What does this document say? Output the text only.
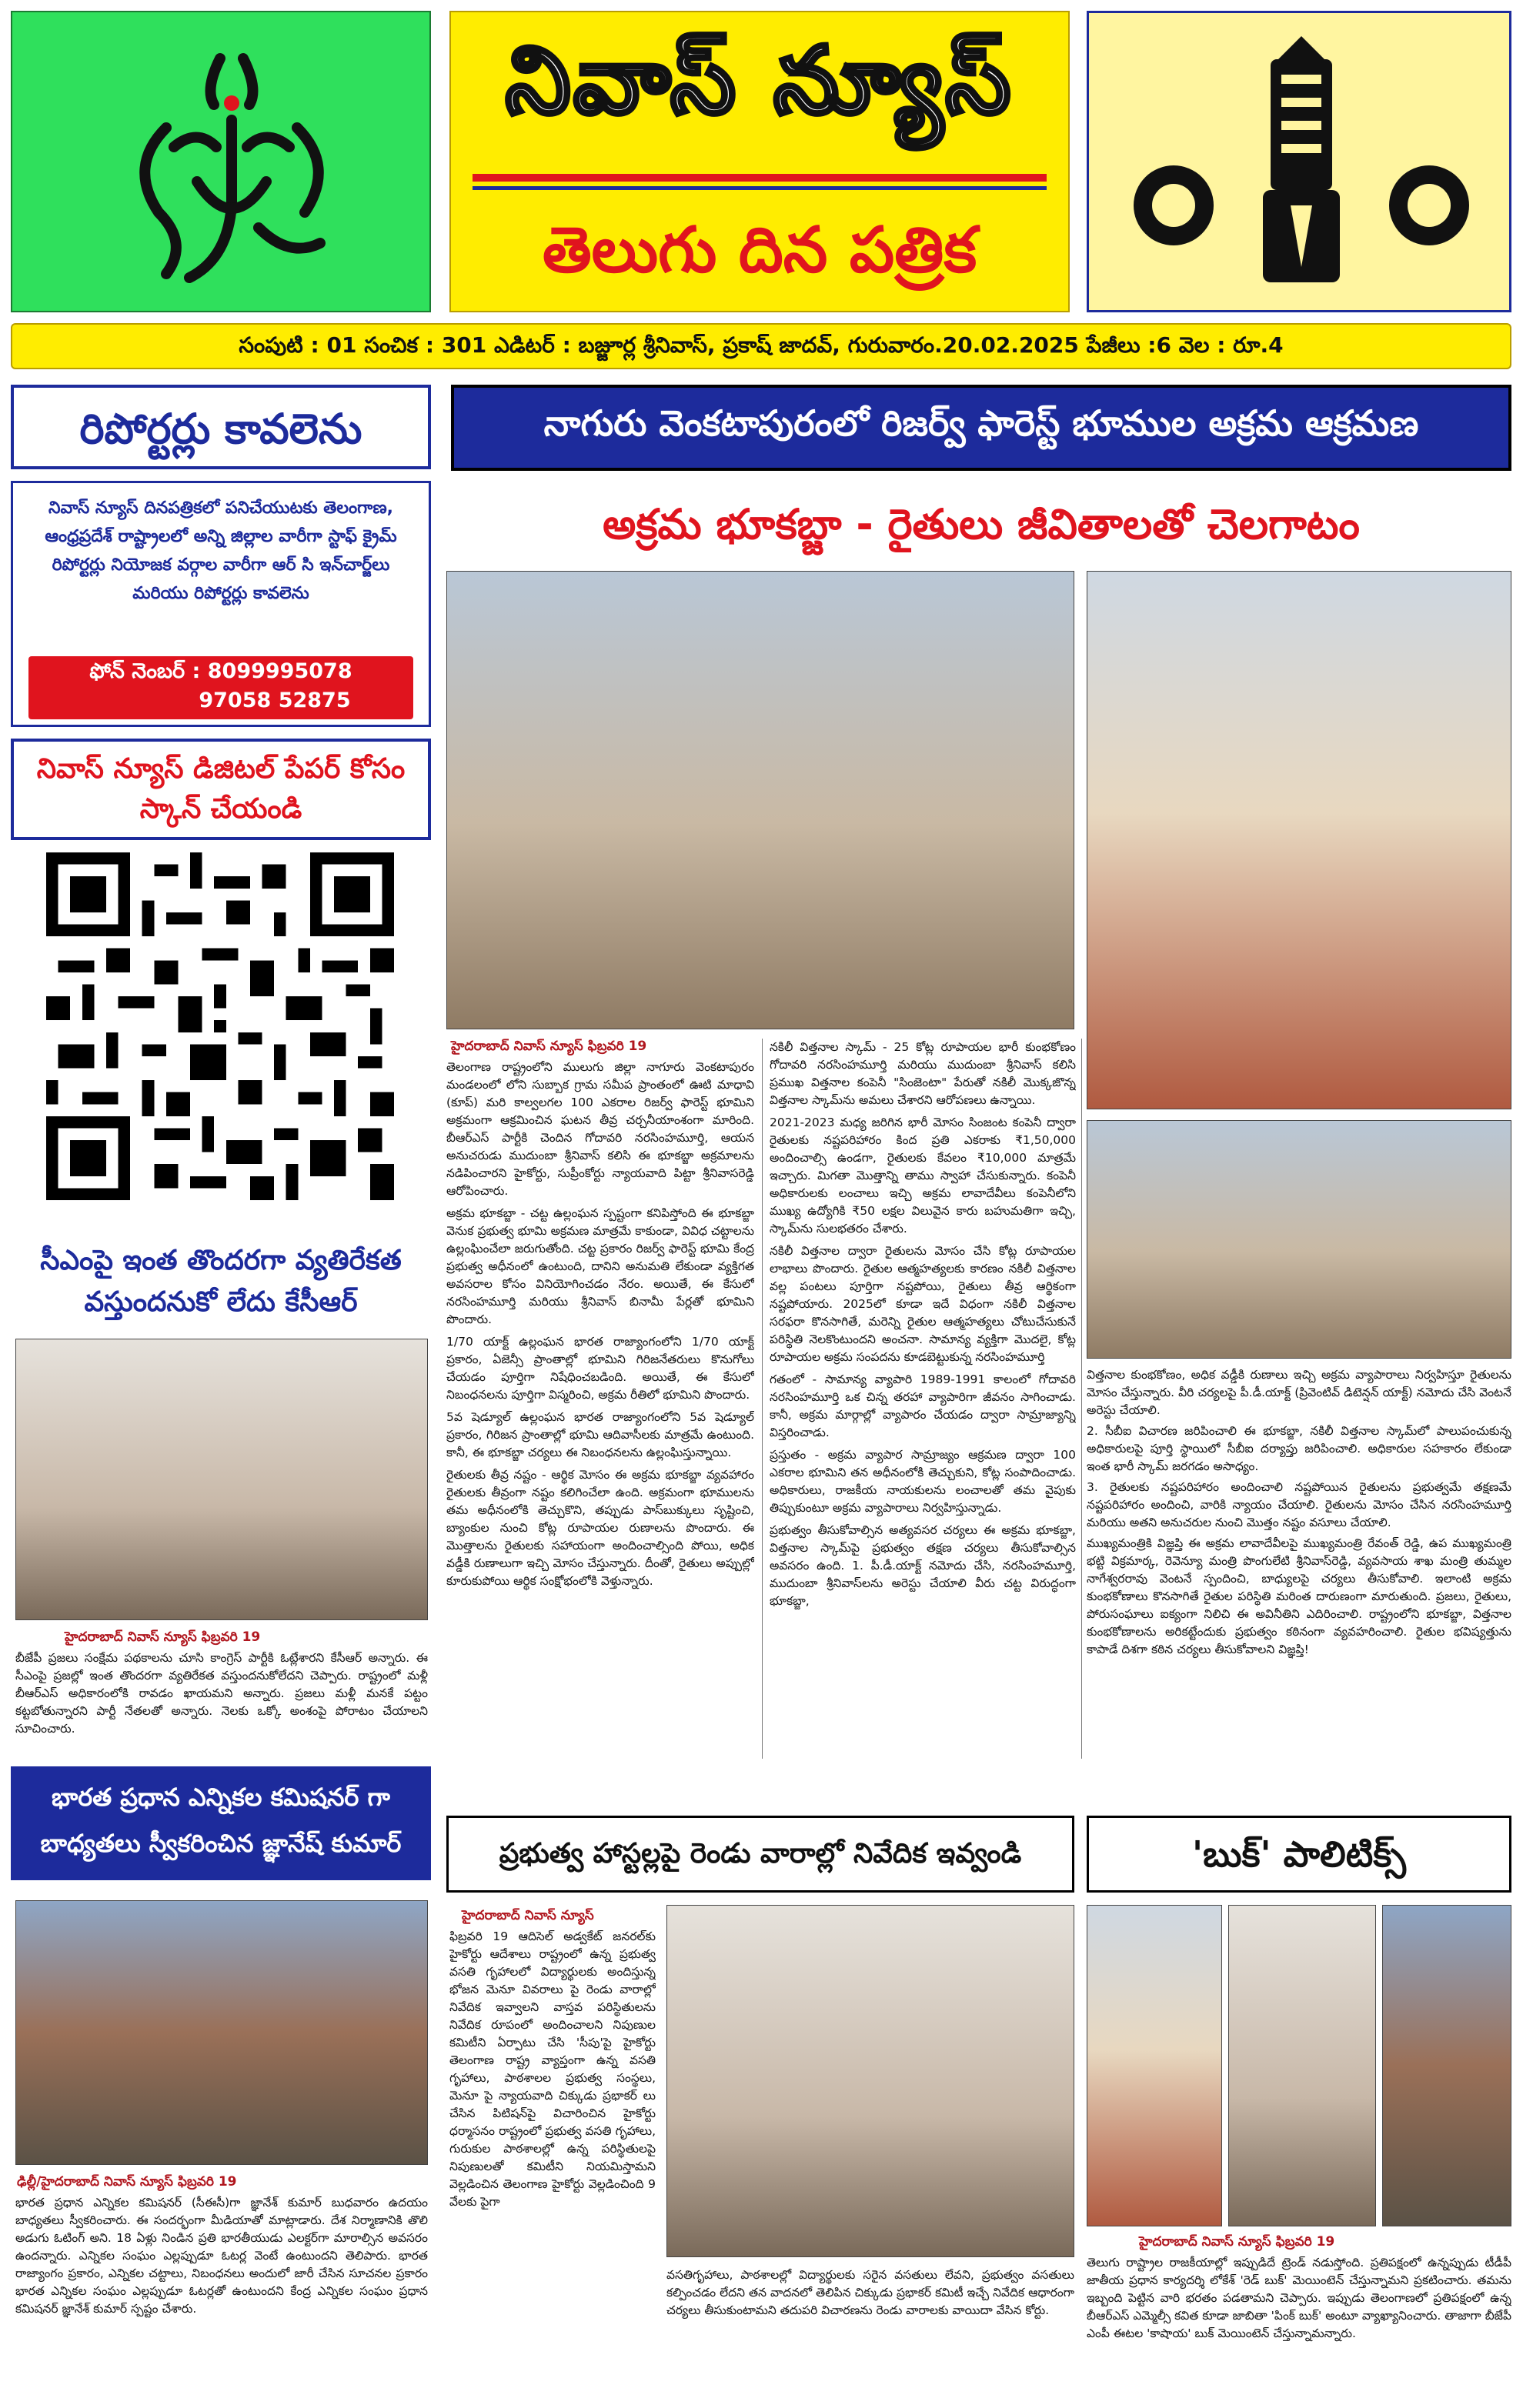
నివాస్ న్యూస్
తెలుగు దిన పత్రిక
సంపుటి : 01 సంచిక : 301 ఎడిటర్ : బజ్జూర్ల శ్రీనివాస్, ప్రకాష్ జాదవ్, గురువారం.20.02.2025 పేజీలు :6 వెల : రూ.4
రిపోర్టర్లు కావలెను
నివాస్ న్యూస్ దినపత్రికలో పనిచేయుటకు తెలంగాణ, ఆంధ్రప్రదేశ్ రాష్ట్రాలలో అన్ని జిల్లాల వారీగా స్టాఫ్ క్రైమ్ రిపోర్టర్లు నియోజక వర్గాల వారీగా ఆర్ సి ఇన్‌చార్జ్‌లు మరియు రిపోర్టర్లు కావలెను
ఫోన్ నెంబర్ : 8099995078
97058 52875
నివాస్ న్యూస్ డిజిటల్ పేపర్ కోసం స్కాన్ చేయండి
సీఎంపై ఇంత తొందరగా వ్యతిరేకత వస్తుందనుకో లేదు కేసీఆర్
హైదరాబాద్ నివాస్ న్యూస్ ఫిబ్రవరి 19
బీజేపీ ప్రజలు సంక్షేమ పథకాలను చూసి కాంగ్రెస్ పార్టీకి ఓట్లేశారని కేసీఆర్ అన్నారు. ఈ సీఎంపై ప్రజల్లో ఇంత తొందరగా వ్యతిరేకత వస్తుందనుకోలేదని చెప్పారు. రాష్ట్రంలో మళ్లీ బీఆర్ఎస్ అధికారంలోకి రావడం ఖాయమని అన్నారు. ప్రజలు మళ్లీ మనకే పట్టం కట్టబోతున్నారని పార్టీ నేతలతో అన్నారు. నెలకు ఒక్కో అంశంపై పోరాటం చేయాలని సూచించారు.
భారత ప్రధాన ఎన్నికల కమిషనర్ గా బాధ్యతలు స్వీకరించిన జ్ఞానేష్ కుమార్
ఢిల్లీ/హైదరాబాద్ నివాస్ న్యూస్ ఫిబ్రవరి 19
భారత ప్రధాన ఎన్నికల కమిషనర్ (సీఈసీ)గా జ్ఞానేశ్ కుమార్ బుధవారం ఉదయం బాధ్యతలు స్వీకరించారు. ఈ సందర్భంగా మీడియాతో మాట్లాడారు. దేశ నిర్మాణానికి తొలి అడుగు ఓటింగ్ అని. 18 ఏళ్లు నిండిన ప్రతి భారతీయుడు ఎలక్టర్‌గా మారాల్సిన అవసరం ఉందన్నారు. ఎన్నికల సంఘం ఎల్లప్పుడూ ఓటర్ల వెంటే ఉంటుందని తెలిపారు. భారత రాజ్యాంగం ప్రకారం, ఎన్నికల చట్టాలు, నిబంధనలు అందులో జారీ చేసిన సూచనల ప్రకారం భారత ఎన్నికల సంఘం ఎల్లప్పుడూ ఓటర్లతో ఉంటుందని కేంద్ర ఎన్నికల సంఘం ప్రధాన కమిషనర్ జ్ఞానేశ్ కుమార్ స్పష్టం చేశారు.
నాగురు వెంకటాపురంలో రిజర్వ్ ఫారెస్ట్ భూముల అక్రమ ఆక్రమణ
అక్రమ భూకబ్జా - రైతులు జీవితాలతో చెలగాటం
హైదరాబాద్ నివాస్ న్యూస్ ఫిబ్రవరి 19

తెలంగాణ రాష్ట్రంలోని ములుగు జిల్లా నాగూరు వెంకటాపురం మండలంలో లోని సుబ్బాక గ్రామ సమీప ప్రాంతంలో ఊటి మాధావి (కూప్) మరి కాల్వలగల 100 ఎకరాల రిజర్వ్ ఫారెస్ట్ భూమిని అక్రమంగా ఆక్రమించిన ఘటన తీవ్ర చర్చనీయాంశంగా మారింది. బీఆర్ఎస్ పార్టీకి చెందిన గోదావరి నరసింహమూర్తి, ఆయన అనుచరుడు ముదుంబా శ్రీనివాస్ కలిసి ఈ భూకబ్జా అక్రమాలను నడిపించారని హైకోర్టు, సుప్రీంకోర్టు న్యాయవాది పిట్టా శ్రీనివాసరెడ్డి ఆరోపించారు.

అక్రమ భూకబ్జా - చట్ట ఉల్లంఘన స్పష్టంగా కనిపిస్తోంది ఈ భూకబ్జా వెనుక ప్రభుత్వ భూమి అక్రమణ మాత్రమే కాకుండా, వివిధ చట్టాలను ఉల్లంఘించేలా జరుగుతోంది. చట్ట ప్రకారం రిజర్వ్ ఫారెస్ట్ భూమి కేంద్ర ప్రభుత్వ అధీనంలో ఉంటుంది, దానిని అనుమతి లేకుండా వ్యక్తిగత అవసరాల కోసం వినియోగించడం నేరం. అయితే, ఈ కేసులో నరసింహమూర్తి మరియు శ్రీనివాస్ బినామీ పేర్లతో భూమిని పొందారు.

1/70 యాక్ట్ ఉల్లంఘన భారత రాజ్యాంగంలోని 1/70 యాక్ట్ ప్రకారం, ఏజెన్సీ ప్రాంతాల్లో భూమిని గిరిజనేతరులు కొనుగోలు చేయడం పూర్తిగా నిషేధించబడింది. అయితే, ఈ కేసులో నిబంధనలను పూర్తిగా విస్మరించి, అక్రమ రీతిలో భూమిని పొందారు.

5వ షెడ్యూల్ ఉల్లంఘన భారత రాజ్యాంగంలోని 5వ షెడ్యూల్ ప్రకారం, గిరిజన ప్రాంతాల్లో భూమి ఆదివాసీలకు మాత్రమే ఉంటుంది. కానీ, ఈ భూకబ్జా చర్యలు ఈ నిబంధనలను ఉల్లంఘిస్తున్నాయి.

రైతులకు తీవ్ర నష్టం - ఆర్థిక మోసం ఈ అక్రమ భూకబ్జా వ్యవహారం రైతులకు తీవ్రంగా నష్టం కలిగించేలా ఉంది. అక్రమంగా భూములను తమ అధీనంలోకి తెచ్చుకొని, తప్పుడు పాస్‌బుక్కులు సృష్టించి, బ్యాంకుల నుంచి కోట్ల రూపాయల రుణాలను పొందారు. ఈ మొత్తాలను రైతులకు సహాయంగా అందించాల్సింది పోయి, అధిక వడ్డీకి రుణాలుగా ఇచ్చి మోసం చేస్తున్నారు. దీంతో, రైతులు అప్పుల్లో కూరుకుపోయి ఆర్థిక సంక్షోభంలోకి వెళ్తున్నారు.

నకిలీ విత్తనాల స్కామ్ - 25 కోట్ల రూపాయల భారీ కుంభకోణం గోదావరి నరసింహమూర్తి మరియు ముదుంబా శ్రీనివాస్ కలిసి ప్రముఖ విత్తనాల కంపెనీ "సింజెంటా" పేరుతో నకిలీ మొక్కజొన్న విత్తనాల స్కామ్‌ను అమలు చేశారని ఆరోపణలు ఉన్నాయి.

2021-2023 మధ్య జరిగిన భారీ మోసం సింజంట కంపెనీ ద్వారా రైతులకు నష్టపరిహారం కింద ప్రతి ఎకరాకు ₹1,50,000 అందించాల్సి ఉండగా, రైతులకు కేవలం ₹10,000 మాత్రమే ఇచ్చారు. మిగతా మొత్తాన్ని తాము స్వాహా చేసుకున్నారు. కంపెనీ అధికారులకు లంచాలు ఇచ్చి అక్రమ లావాదేవీలు కంపెనీలోని ముఖ్య ఉద్యోగికి ₹50 లక్షల విలువైన కారు బహుమతిగా ఇచ్చి, స్కామ్‌ను సులభతరం చేశారు.

నకిలీ విత్తనాల ద్వారా రైతులను మోసం చేసి కోట్ల రూపాయల లాభాలు పొందారు. రైతుల ఆత్మహత్యలకు కారణం నకిలీ విత్తనాల వల్ల పంటలు పూర్తిగా నష్టపోయి, రైతులు తీవ్ర ఆర్థికంగా నష్టపోయారు. 2025లో కూడా ఇదే విధంగా నకిలీ విత్తనాల సరఫరా కొనసాగితే, మరెన్ని రైతుల ఆత్మహత్యలు చోటుచేసుకునే పరిస్థితి నెలకొంటుందని అంచనా. సామాన్య వ్యక్తిగా మొదలై, కోట్ల రూపాయల అక్రమ సంపదను కూడబెట్టుకున్న నరసింహమూర్తి

గతంలో - సామాన్య వ్యాపారి 1989-1991 కాలంలో గోదావరి నరసింహమూర్తి ఒక చిన్న తరహా వ్యాపారిగా జీవనం సాగించాడు. కానీ, అక్రమ మార్గాల్లో వ్యాపారం చేయడం ద్వారా సామ్రాజ్యాన్ని విస్తరించాడు.

ప్రస్తుతం - అక్రమ వ్యాపార సామ్రాజ్యం ఆక్రమణ ద్వారా 100 ఎకరాల భూమిని తన అధీనంలోకి తెచ్చుకుని, కోట్ల సంపాదించాడు. అధికారులు, రాజకీయ నాయకులను లంచాలతో తమ వైపుకు తిప్పుకుంటూ అక్రమ వ్యాపారాలు నిర్వహిస్తున్నాడు.

ప్రభుత్వం తీసుకోవాల్సిన అత్యవసర చర్యలు ఈ అక్రమ భూకబ్జా, విత్తనాల స్కామ్‌పై ప్రభుత్వం తక్షణ చర్యలు తీసుకోవాల్సిన అవసరం ఉంది. 1. పీ.డీ.యాక్ట్ నమోదు చేసి, నరసింహమూర్తి, ముదుంబా శ్రీనివాస్‌లను అరెస్టు చేయాలి వీరు చట్ట విరుద్ధంగా భూకబ్జా,

విత్తనాల కుంభకోణం, అధిక వడ్డీకి రుణాలు ఇచ్చి అక్రమ వ్యాపారాలు నిర్వహిస్తూ రైతులను మోసం చేస్తున్నారు. వీరి చర్యలపై పీ.డీ.యాక్ట్ (ప్రివెంటివ్ డిటెన్షన్ యాక్ట్) నమోదు చేసి వెంటనే అరెస్టు చేయాలి.

2. సీబీఐ విచారణ జరిపించాలి ఈ భూకబ్జా, నకిలీ విత్తనాల స్కామ్‌లో పాలుపంచుకున్న అధికారులపై పూర్తి స్థాయిలో సీబీఐ దర్యాప్తు జరిపించాలి. అధికారుల సహకారం లేకుండా ఇంత భారీ స్కామ్ జరగడం అసాధ్యం.

3. రైతులకు నష్టపరిహారం అందించాలి నష్టపోయిన రైతులను ప్రభుత్వమే తక్షణమే నష్టపరిహారం అందించి, వారికి న్యాయం చేయాలి. రైతులను మోసం చేసిన నరసింహమూర్తి మరియు అతని అనుచరుల నుంచి మొత్తం నష్టం వసూలు చేయాలి.

ముఖ్యమంత్రికి విజ్ఞప్తి ఈ అక్రమ లావాదేవీలపై ముఖ్యమంత్రి రేవంత్ రెడ్డి, ఉప ముఖ్యమంత్రి భట్టి విక్రమార్క, రెవెన్యూ మంత్రి పొంగులేటి శ్రీనివాస్‌రెడ్డి, వ్యవసాయ శాఖ మంత్రి తుమ్మల నాగేశ్వరరావు వెంటనే స్పందించి, బాధ్యులపై చర్యలు తీసుకోవాలి. ఇలాంటి అక్రమ కుంభకోణాలు కొనసాగితే రైతుల పరిస్థితి మరింత దారుణంగా మారుతుంది. ప్రజలు, రైతులు, పోరుసంఘాలు ఐక్యంగా నిలిచి ఈ అవినీతిని ఎదిరించాలి. రాష్ట్రంలోని భూకబ్జా, విత్తనాల కుంభకోణాలను అరికట్టేందుకు ప్రభుత్వం కఠినంగా వ్యవహరించాలి. రైతుల భవిష్యత్తును కాపాడే దిశగా కఠిన చర్యలు తీసుకోవాలని విజ్ఞప్తి!

ప్రభుత్వ హాస్టల్లపై రెండు వారాల్లో నివేదిక ఇవ్వండి
హైదరాబాద్ నివాస్ న్యూస్
ఫిబ్రవరి 19 ఆదిసెల్ అడ్వకేట్ జనరల్‌కు హైకోర్టు ఆదేశాలు రాష్ట్రంలో ఉన్న ప్రభుత్వ వసతి గృహాలలో విద్యార్థులకు అందిస్తున్న భోజన మెనూ వివరాలు పై రెండు వారాల్లో నివేదిక ఇవ్వాలని వాస్తవ పరిస్థితులను నివేదిక రూపంలో అందించాలని నిపుణుల కమిటీని ఏర్పాటు చేసి 'సీపు'పై హైకోర్టు తెలంగాణ రాష్ట్ర వ్యాప్తంగా ఉన్న వసతి గృహాలు, పాఠశాలల ప్రభుత్వ సంస్థలు, మెనూ పై న్యాయవాది చిక్కుడు ప్రభాకర్ లు చేసిన పిటిషన్‌పై విచారించిన హైకోర్టు ధర్మాసనం రాష్ట్రంలో ప్రభుత్వ వసతి గృహాలు, గురుకుల పాఠశాలల్లో ఉన్న పరిస్థితులపై నిపుణులతో కమిటీని నియమిస్తామని వెల్లడించిన తెలంగాణ హైకోర్టు వెల్లడించింది 9 వేలకు పైగా
వసతిగృహాలు, పాఠశాలల్లో విద్యార్థులకు సరైన వసతులు లేవని, ప్రభుత్వం వసతులు కల్పించడం లేదని తన వాదనలో తెలిపిన చిక్కుడు ప్రభాకర్ కమిటీ ఇచ్చే నివేదిక ఆధారంగా చర్యలు తీసుకుంటామని తదుపరి విచారణను రెండు వారాలకు వాయిదా వేసిన కోర్టు.
'బుక్' పాలిటిక్స్
హైదరాబాద్ నివాస్ న్యూస్ ఫిబ్రవరి 19
తెలుగు రాష్ట్రాల రాజకీయాల్లో ఇప్పుడిదే ట్రెండ్ నడుస్తోంది. ప్రతిపక్షంలో ఉన్నప్పుడు టీడీపీ జాతీయ ప్రధాన కార్యదర్శి లోకేశ్ 'రెడ్ బుక్' మెయింటెన్ చేస్తున్నామని ప్రకటించారు. తమను ఇబ్బంది పెట్టిన వారి భరతం పడతామని చెప్పారు. ఇప్పుడు తెలంగాణలో ప్రతిపక్షంలో ఉన్న బీఆర్ఎస్ ఎమ్మెల్సీ కవిత కూడా జాబితా 'పింక్ బుక్' అంటూ వ్యాఖ్యానించారు. తాజాగా బీజేపీ ఎంపీ ఈటల 'కాషాయ' బుక్ మెయింటెన్ చేస్తున్నామన్నారు.
